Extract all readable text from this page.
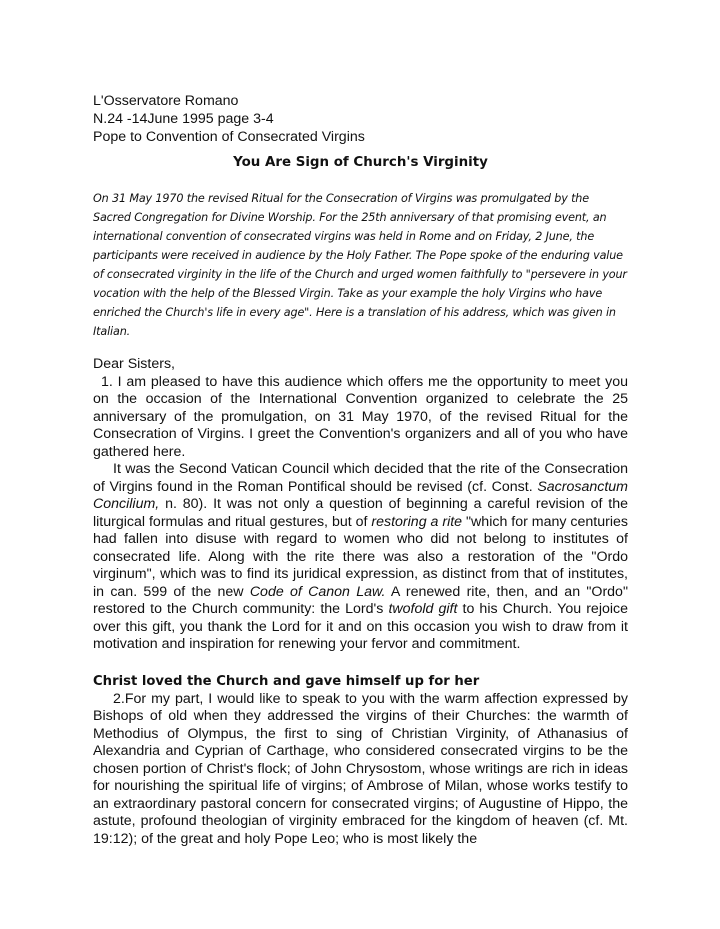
L'Osservatore Romano
N.24 -14June 1995 page 3-4
Pope to Convention of Consecrated Virgins
You Are Sign of Church's Virginity
On 31 May 1970 the revised Ritual for the Consecration of Virgins was promulgated by the Sacred Congregation for Divine Worship. For the 25th anniversary of that promising event, an international convention of consecrated virgins was held in Rome and on Friday, 2 June, the participants were received in audience by the Holy Father. The Pope spoke of the enduring value of consecrated virginity in the life of the Church and urged women faithfully to "persevere in your vocation with the help of the Blessed Virgin. Take as your example the holy Virgins who have enriched the Church's life in every age". Here is a translation of his address, which was given in Italian.
Dear Sisters,

1. I am pleased to have this audience which offers me the opportunity to meet you on the occasion of the International Convention organized to celebrate the 25 anniversary of the promulgation, on 31 May 1970, of the revised Ritual for the Consecration of Virgins. I greet the Convention's organizers and all of you who have gathered here.

It was the Second Vatican Council which decided that the rite of the Consecration of Virgins found in the Roman Pontifical should be revised (cf. Const. Sacrosanctum Concilium, n. 80). It was not only a question of beginning a careful revision of the liturgical formulas and ritual gestures, but of restoring a rite "which for many centuries had fallen into disuse with regard to women who did not belong to institutes of consecrated life. Along with the rite there was also a restoration of the "Ordo virginum", which was to find its juridical expression, as distinct from that of institutes, in can. 599 of the new Code of Canon Law. A renewed rite, then, and an "Ordo" restored to the Church community: the Lord's twofold gift to his Church. You rejoice over this gift, you thank the Lord for it and on this occasion you wish to draw from it motivation and inspiration for renewing your fervor and commitment.

Christ loved the Church and gave himself up for her

2.For my part, I would like to speak to you with the warm affection expressed by Bishops of old when they addressed the virgins of their Churches: the warmth of Methodius of Olympus, the first to sing of Christian Virginity, of Athanasius of Alexandria and Cyprian of Carthage, who considered consecrated virgins to be the chosen portion of Christ's flock; of John Chrysostom, whose writings are rich in ideas for nourishing the spiritual life of virgins; of Ambrose of Milan, whose works testify to an extraordinary pastoral concern for consecrated virgins; of Augustine of Hippo, the astute, profound theologian of virginity embraced for the kingdom of heaven (cf. Mt. 19:12); of the great and holy Pope Leo; who is most likely the
